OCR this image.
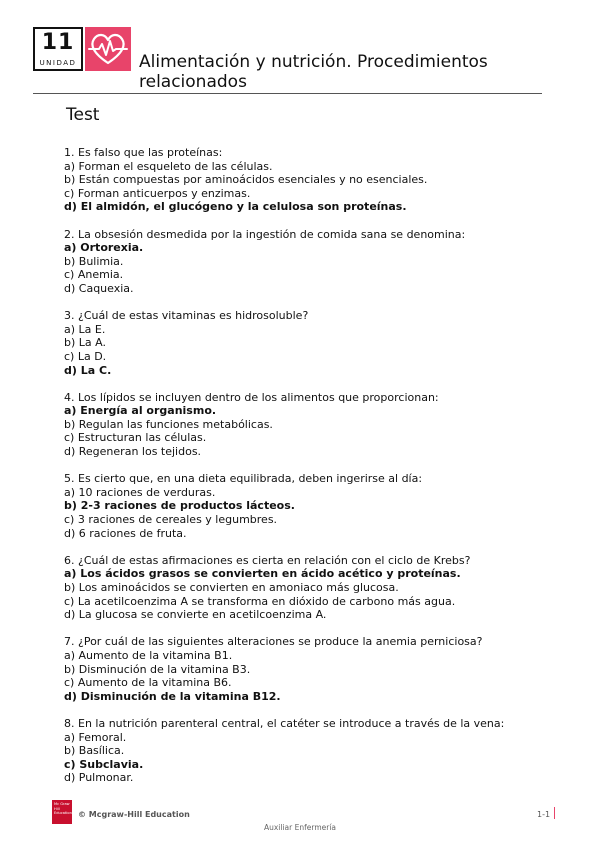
11
UNIDAD	Alimentación y nutrición. Procedimientos relacionados
Test
1. Es falso que las proteínas:
a) Forman el esqueleto de las células.
b) Están compuestas por aminoácidos esenciales y no esenciales.
c) Forman anticuerpos y enzimas.
d) El almidón, el glucógeno y la celulosa son proteínas.
2. La obsesión desmedida por la ingestión de comida sana se denomina:
a) Ortorexia.
b) Bulimia.
c) Anemia.
d) Caquexia.
3. ¿Cuál de estas vitaminas es hidrosoluble?
a) La E.
b) La A.
c) La D.
d) La C.
4. Los lípidos se incluyen dentro de los alimentos que proporcionan:
a) Energía al organismo.
b) Regulan las funciones metabólicas.
c) Estructuran las células.
d) Regeneran los tejidos.
5. Es cierto que, en una dieta equilibrada, deben ingerirse al día:
a) 10 raciones de verduras.
b) 2-3 raciones de productos lácteos.
c) 3 raciones de cereales y legumbres.
d) 6 raciones de fruta.
6. ¿Cuál de estas afirmaciones es cierta en relación con el ciclo de Krebs?
a) Los ácidos grasos se convierten en ácido acético y proteínas.
b) Los aminoácidos se convierten en amoniaco más glucosa.
c) La acetilcoenzima A se transforma en dióxido de carbono más agua.
d) La glucosa se convierte en acetilcoenzima A.
7. ¿Por cuál de las siguientes alteraciones se produce la anemia perniciosa?
a) Aumento de la vitamina B1.
b) Disminución de la vitamina B3.
c) Aumento de la vitamina B6.
d) Disminución de la vitamina B12.
8. En la nutrición parenteral central, el catéter se introduce a través de la vena:
a) Femoral.
b) Basílica.
c) Subclavia.
d) Pulmonar.
Mc Graw Hill Education © Mcgraw-Hill Education	1-1
Auxiliar Enfermería
